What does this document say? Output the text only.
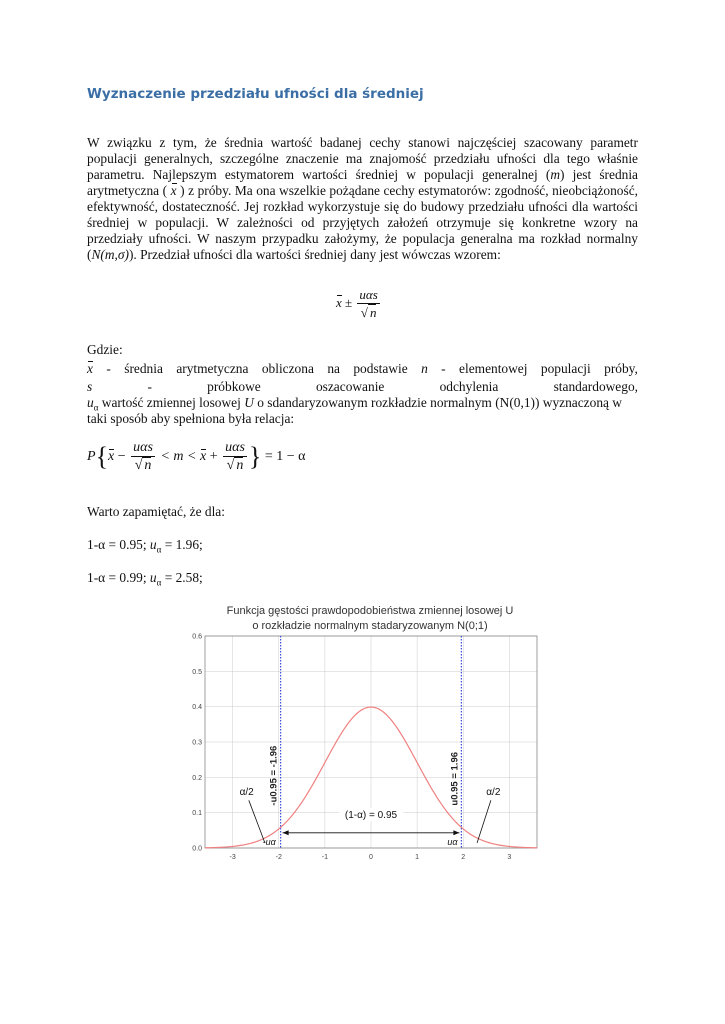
Wyznaczenie przedziału ufności dla średniej

W związku z tym, że średnia wartość badanej cechy stanowi najczęściej szacowany parametr populacji generalnych, szczególne znaczenie ma znajomość przedziału ufności dla tego właśnie parametru. Najlepszym estymatorem wartości średniej w populacji generalnej (m) jest średnia arytmetyczna ( x ) z próby. Ma ona wszelkie pożądane cechy estymatorów: zgodność, nieobciążoność, efektywność, dostateczność. Jej rozkład wykorzystuje się do budowy przedziału ufności dla wartości średniej w populacji. W zależności od przyjętych założeń otrzymuje się konkretne wzory na przedziały ufności. W naszym przypadku założymy, że populacja generalna ma rozkład normalny (N(m,σ)). Przedział ufności dla wartości średniej dany jest wówczas wzorem:

$x \pm \frac{\text{uαs}}{√ n}$
Gdzie:
x - średnia arytmetyczna obliczona na podstawie n - elementowej populacji próby,
s	-	próbkowe	oszacowanie	odchylenia	standardowego,
$u_\alpha$ wartość zmiennej losowej U o sdandaryzowanym rozkładzie normalnym (N(0,1)) wyznaczoną w
taki sposób aby spełniona była relacja:
$P\{x - \frac{\text{uαs}}{√ n} < m < x + \frac{\text{uαs}}{√ n}$ } = 1 − α
Warto zapamiętać, że dla:
1-α = 0.95; $u_\alpha = 1.96$;
1-α = 0.99; $u_\alpha = 2.58$;
Funkcja gęstości prawdopodobieństwa zmiennej losowej U
o rozkładzie normalnym stadaryzowanym N(0;1)
-3	-2	-1	0	1	2	3
0.0
0.1
0.2
0.3
0.4
0.5
0.6
-u0.95 = -1.96	u0.95 = 1.96
(1-α) = 0.95
α/2	α/2
-uα	uα
